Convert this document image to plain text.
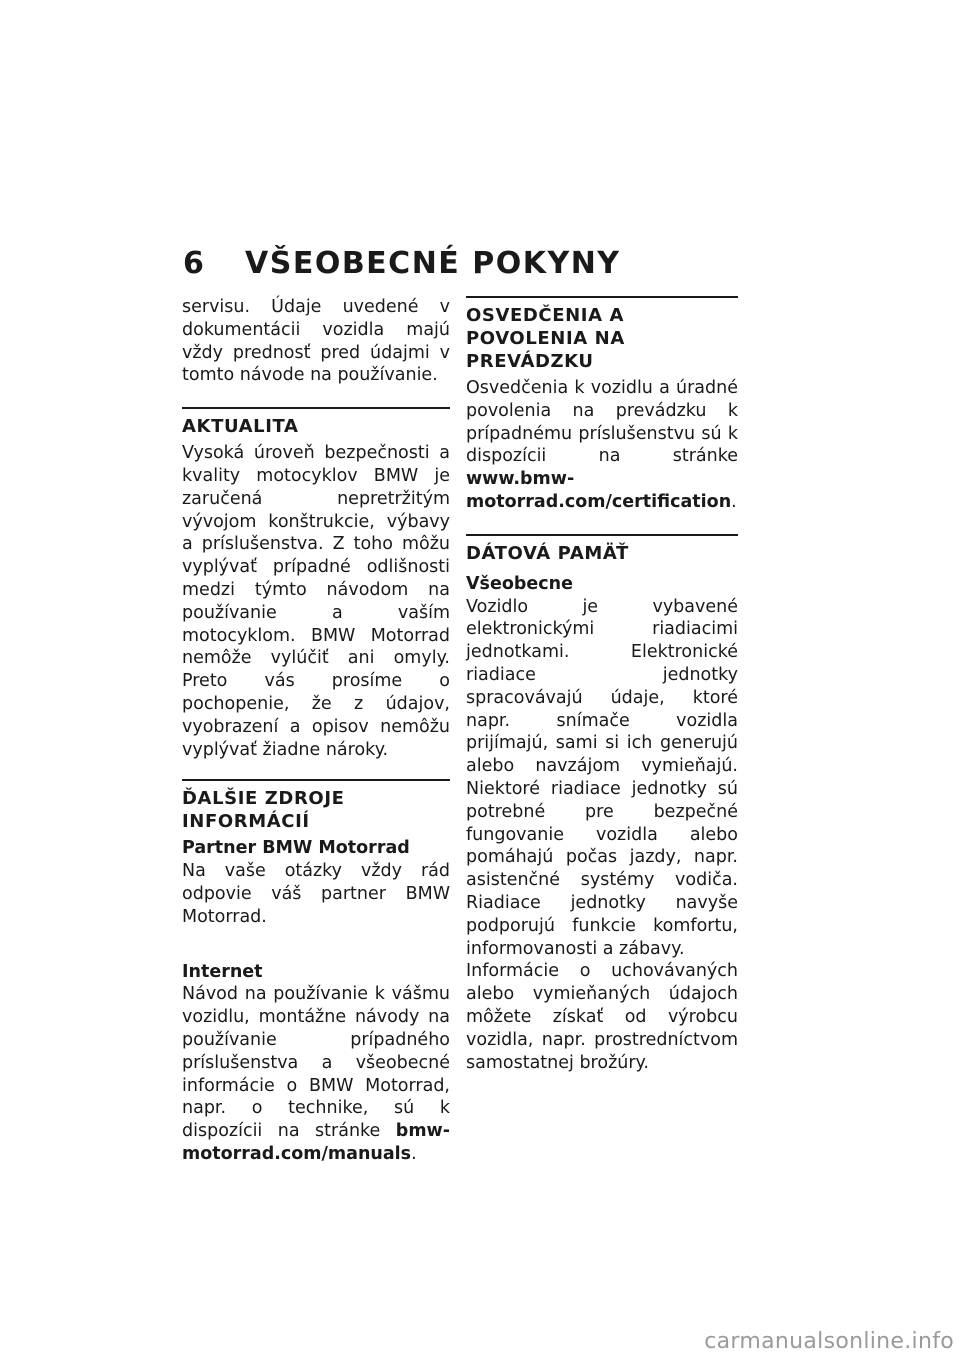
6 VŠEOBECNÉ POKYNY

servisu. Údaje uvedené v dokumentácii vozidla majú vždy prednosť pred údajmi v tomto návode na používanie.

AKTUALITA

Vysoká úroveň bezpečnosti a kvality motocyklov BMW je zaručená nepretržitým vývojom konštrukcie, výbavy a príslušenstva. Z toho môžu vyplývať prípadné odlišnosti medzi týmto návodom na používanie a vaším motocyklom. BMW Motorrad nemôže vylúčiť ani omyly. Preto vás prosíme o pochopenie, že z údajov, vyobrazení a opisov nemôžu vyplývať žiadne nároky.

ĎALŠIE ZDROJE INFORMÁCIÍ

Partner BMW Motorrad

Na vaše otázky vždy rád odpovie váš partner BMW Motorrad.

Internet

Návod na používanie k vášmu vozidlu, montážne návody na používanie prípadného príslušenstva a všeobecné informácie o BMW Motorrad, napr. o technike, sú k dispozícii na stránke bmw-motorrad.com/manuals.

OSVEDČENIA A POVOLENIA NA PREVÁDZKU

Osvedčenia k vozidlu a úradné povolenia na prevádzku k prípadnému príslušenstvu sú k dispozícii na stránke www.bmw-motorrad.com/certification.

DÁTOVÁ PAMÄŤ

Všeobecne

Vozidlo je vybavené elektronickými riadiacimi jednotkami. Elektronické riadiace jednotky spracovávajú údaje, ktoré napr. snímače vozidla prijímajú, sami si ich generujú alebo navzájom vymieňajú. Niektoré riadiace jednotky sú potrebné pre bezpečné fungovanie vozidla alebo pomáhajú počas jazdy, napr. asistenčné systémy vodiča. Riadiace jednotky navyše podporujú funkcie komfortu, informovanosti a zábavy.

Informácie o uchovávaných alebo vymieňaných údajoch môžete získať od výrobcu vozidla, napr. prostredníctvom samostatnej brožúry.

carmanualsonline.info
